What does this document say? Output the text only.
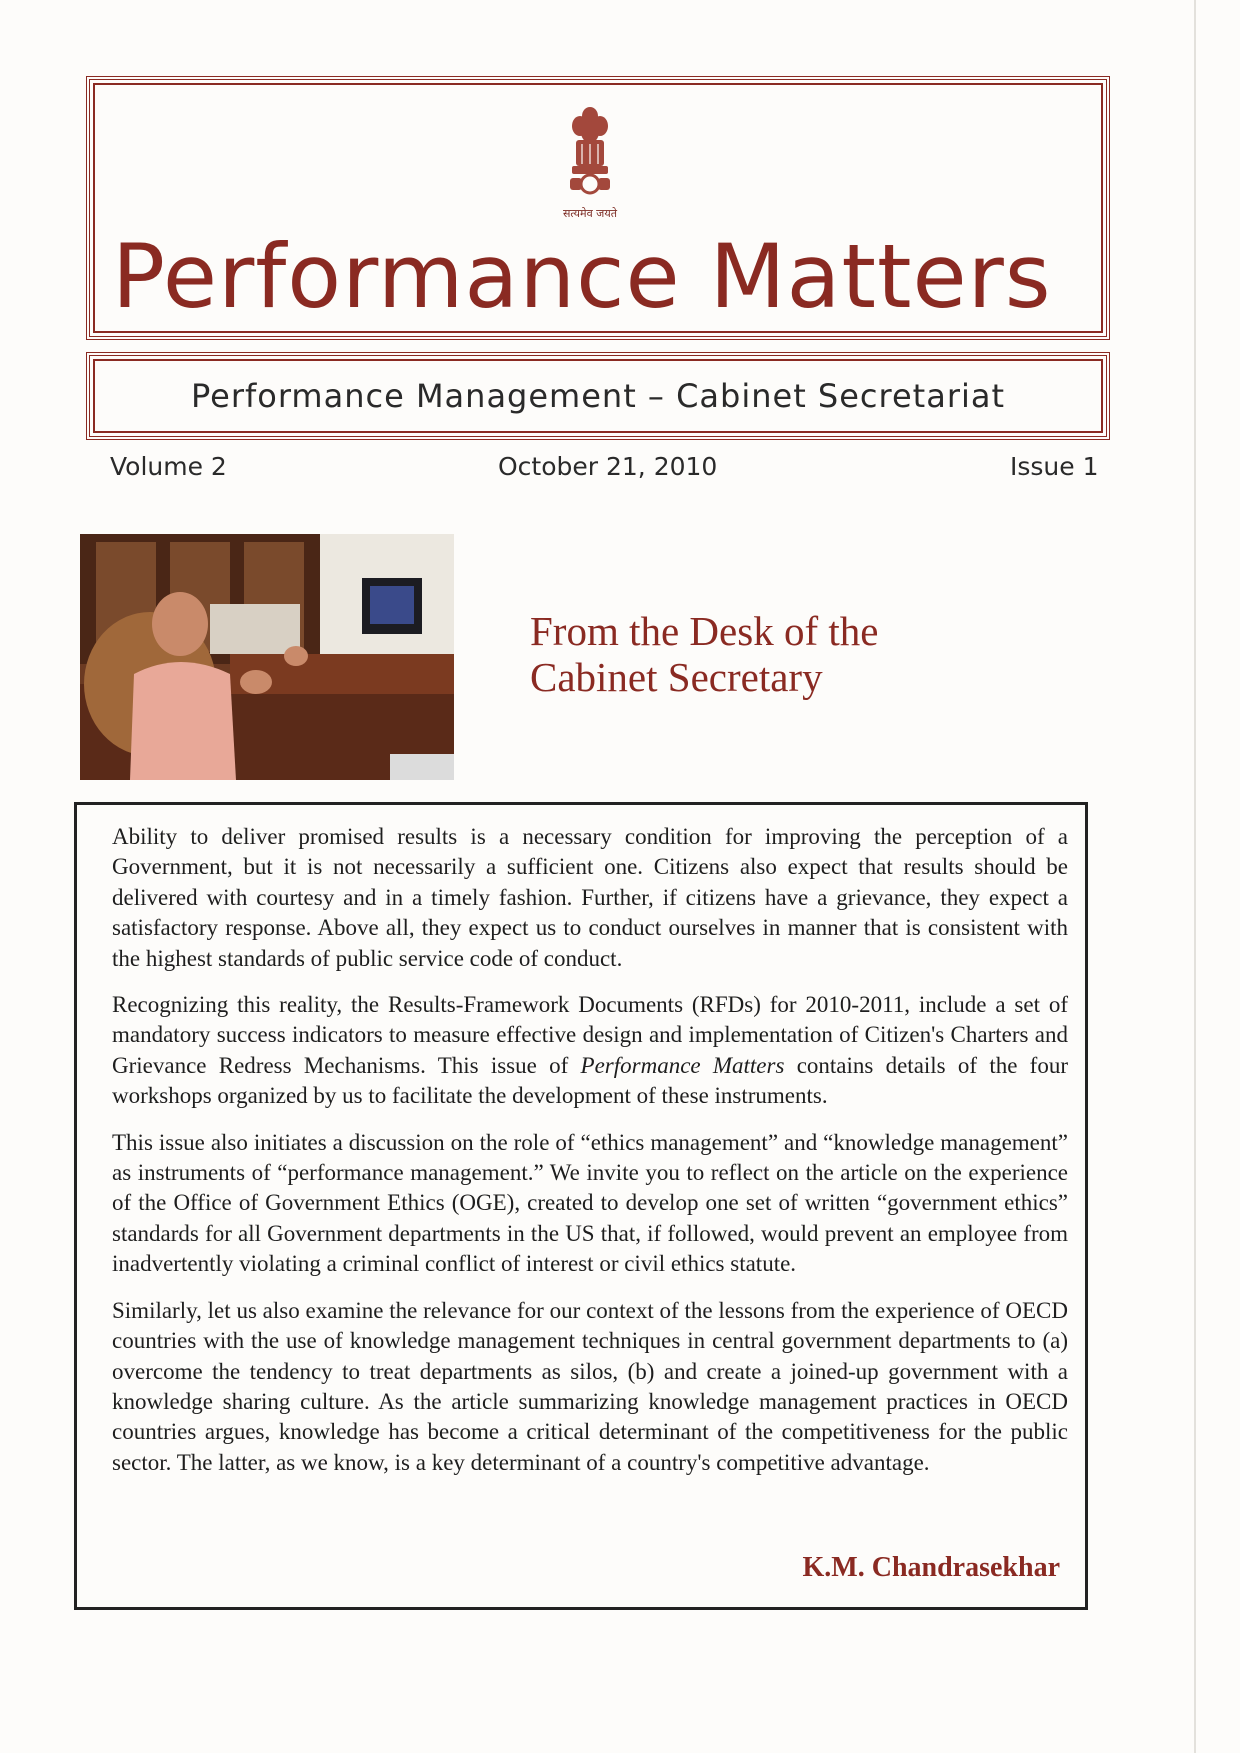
सत्यमेव जयते
Performance Matters
Performance Management – Cabinet Secretariat
Volume 2	October 21, 2010	Issue 1
From the Desk of the
Cabinet Secretary

Ability to deliver promised results is a necessary condition for improving the perception of a Government, but it is not necessarily a sufficient one. Citizens also expect that results should be delivered with courtesy and in a timely fashion. Further, if citizens have a grievance, they expect a satisfactory response. Above all, they expect us to conduct ourselves in manner that is consistent with the highest standards of public service code of conduct.

Recognizing this reality, the Results-Framework Documents (RFDs) for 2010-2011, include a set of mandatory success indicators to measure effective design and implementation of Citizen's Charters and Grievance Redress Mechanisms. This issue of Performance Matters contains details of the four workshops organized by us to facilitate the development of these instruments.

This issue also initiates a discussion on the role of “ethics management” and “knowledge management” as instruments of “performance management.” We invite you to reflect on the article on the experience of the Office of Government Ethics (OGE), created to develop one set of written “government ethics” standards for all Government departments in the US that, if followed, would prevent an employee from inadvertently violating a criminal conflict of interest or civil ethics statute.

Similarly, let us also examine the relevance for our context of the lessons from the experience of OECD countries with the use of knowledge management techniques in central government departments to (a) overcome the tendency to treat departments as silos, (b) and create a joined-up government with a knowledge sharing culture. As the article summarizing knowledge management practices in OECD countries argues, knowledge has become a critical determinant of the competitiveness for the public sector. The latter, as we know, is a key determinant of a country's competitive advantage.

K.M. Chandrasekhar
